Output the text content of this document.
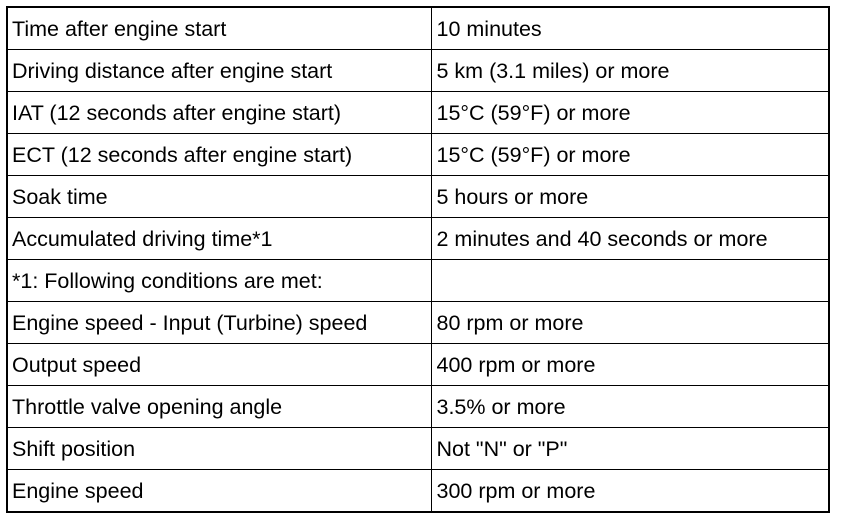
Time after engine start	10 minutes
Driving distance after engine start	5 km (3.1 miles) or more
IAT (12 seconds after engine start)	15°C (59°F) or more
ECT (12 seconds after engine start)	15°C (59°F) or more
Soak time	5 hours or more
Accumulated driving time*1	2 minutes and 40 seconds or more
*1: Following conditions are met:	
Engine speed - Input (Turbine) speed	80 rpm or more
Output speed	400 rpm or more
Throttle valve opening angle	3.5% or more
Shift position	Not "N" or "P"
Engine speed	300 rpm or more
